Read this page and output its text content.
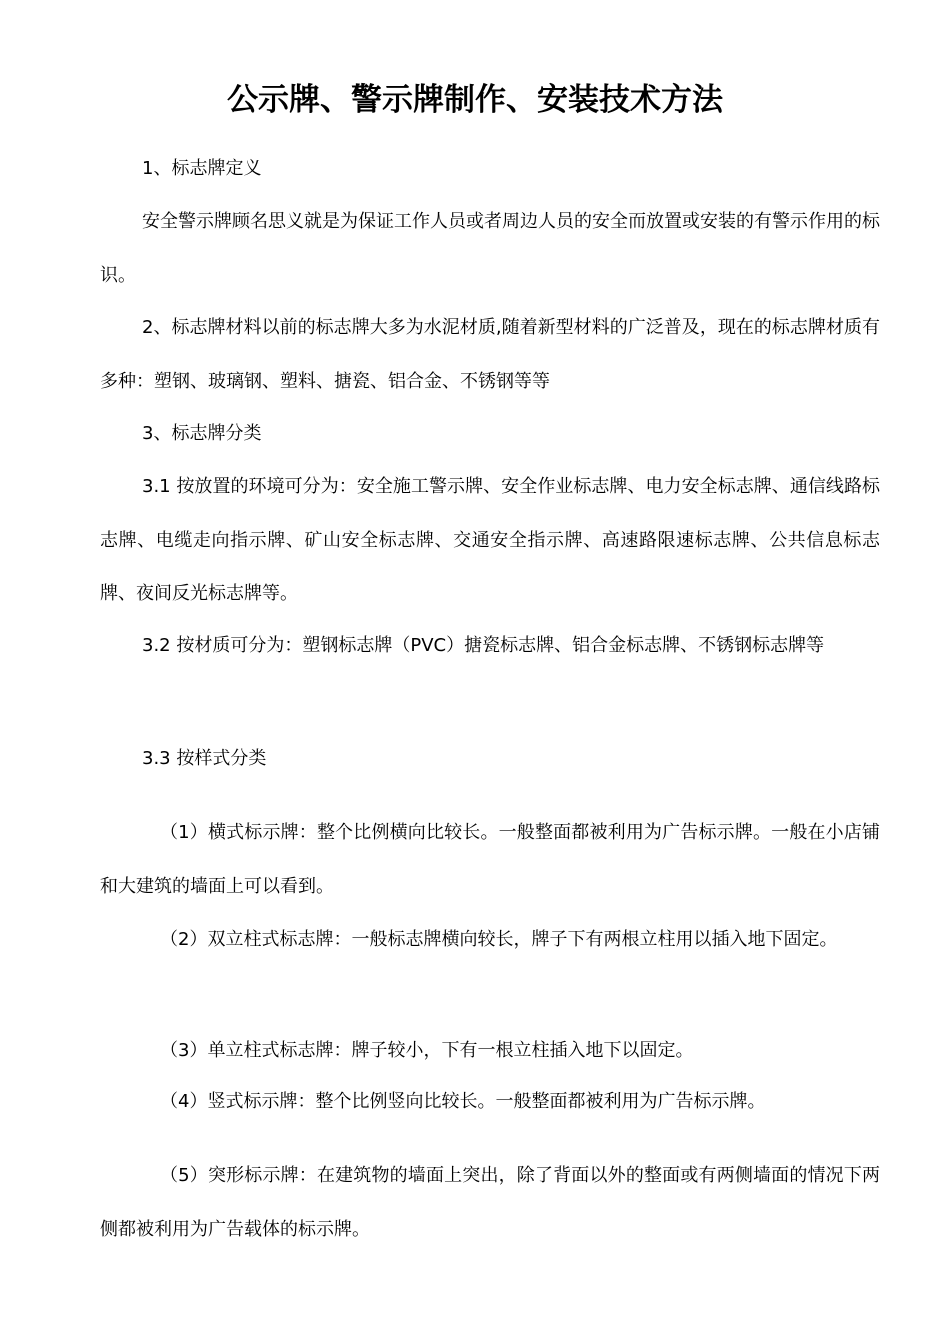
公示牌、警示牌制作、安装技术方法

1、标志牌定义

安全警示牌顾名思义就是为保证工作人员或者周边人员的安全而放置或安装的有警示作用的标识。

2、标志牌材料以前的标志牌大多为水泥材质,随着新型材料的广泛普及，现在的标志牌材质有多种：塑钢、玻璃钢、塑料、搪瓷、铝合金、不锈钢等等

3、标志牌分类

3.1 按放置的环境可分为：安全施工警示牌、安全作业标志牌、电力安全标志牌、通信线路标志牌、电缆走向指示牌、矿山安全标志牌、交通安全指示牌、高速路限速标志牌、公共信息标志牌、夜间反光标志牌等。

3.2 按材质可分为：塑钢标志牌（PVC）搪瓷标志牌、铝合金标志牌、不锈钢标志牌等

3.3 按样式分类

（1）横式标示牌：整个比例横向比较长。一般整面都被利用为广告标示牌。一般在小店铺和大建筑的墙面上可以看到。

（2）双立柱式标志牌：一般标志牌横向较长，牌子下有两根立柱用以插入地下固定。

（3）单立柱式标志牌：牌子较小，下有一根立柱插入地下以固定。

（4）竖式标示牌：整个比例竖向比较长。一般整面都被利用为广告标示牌。

（5）突形标示牌：在建筑物的墙面上突出，除了背面以外的整面或有两侧墙面的情况下两侧都被利用为广告载体的标示牌。
